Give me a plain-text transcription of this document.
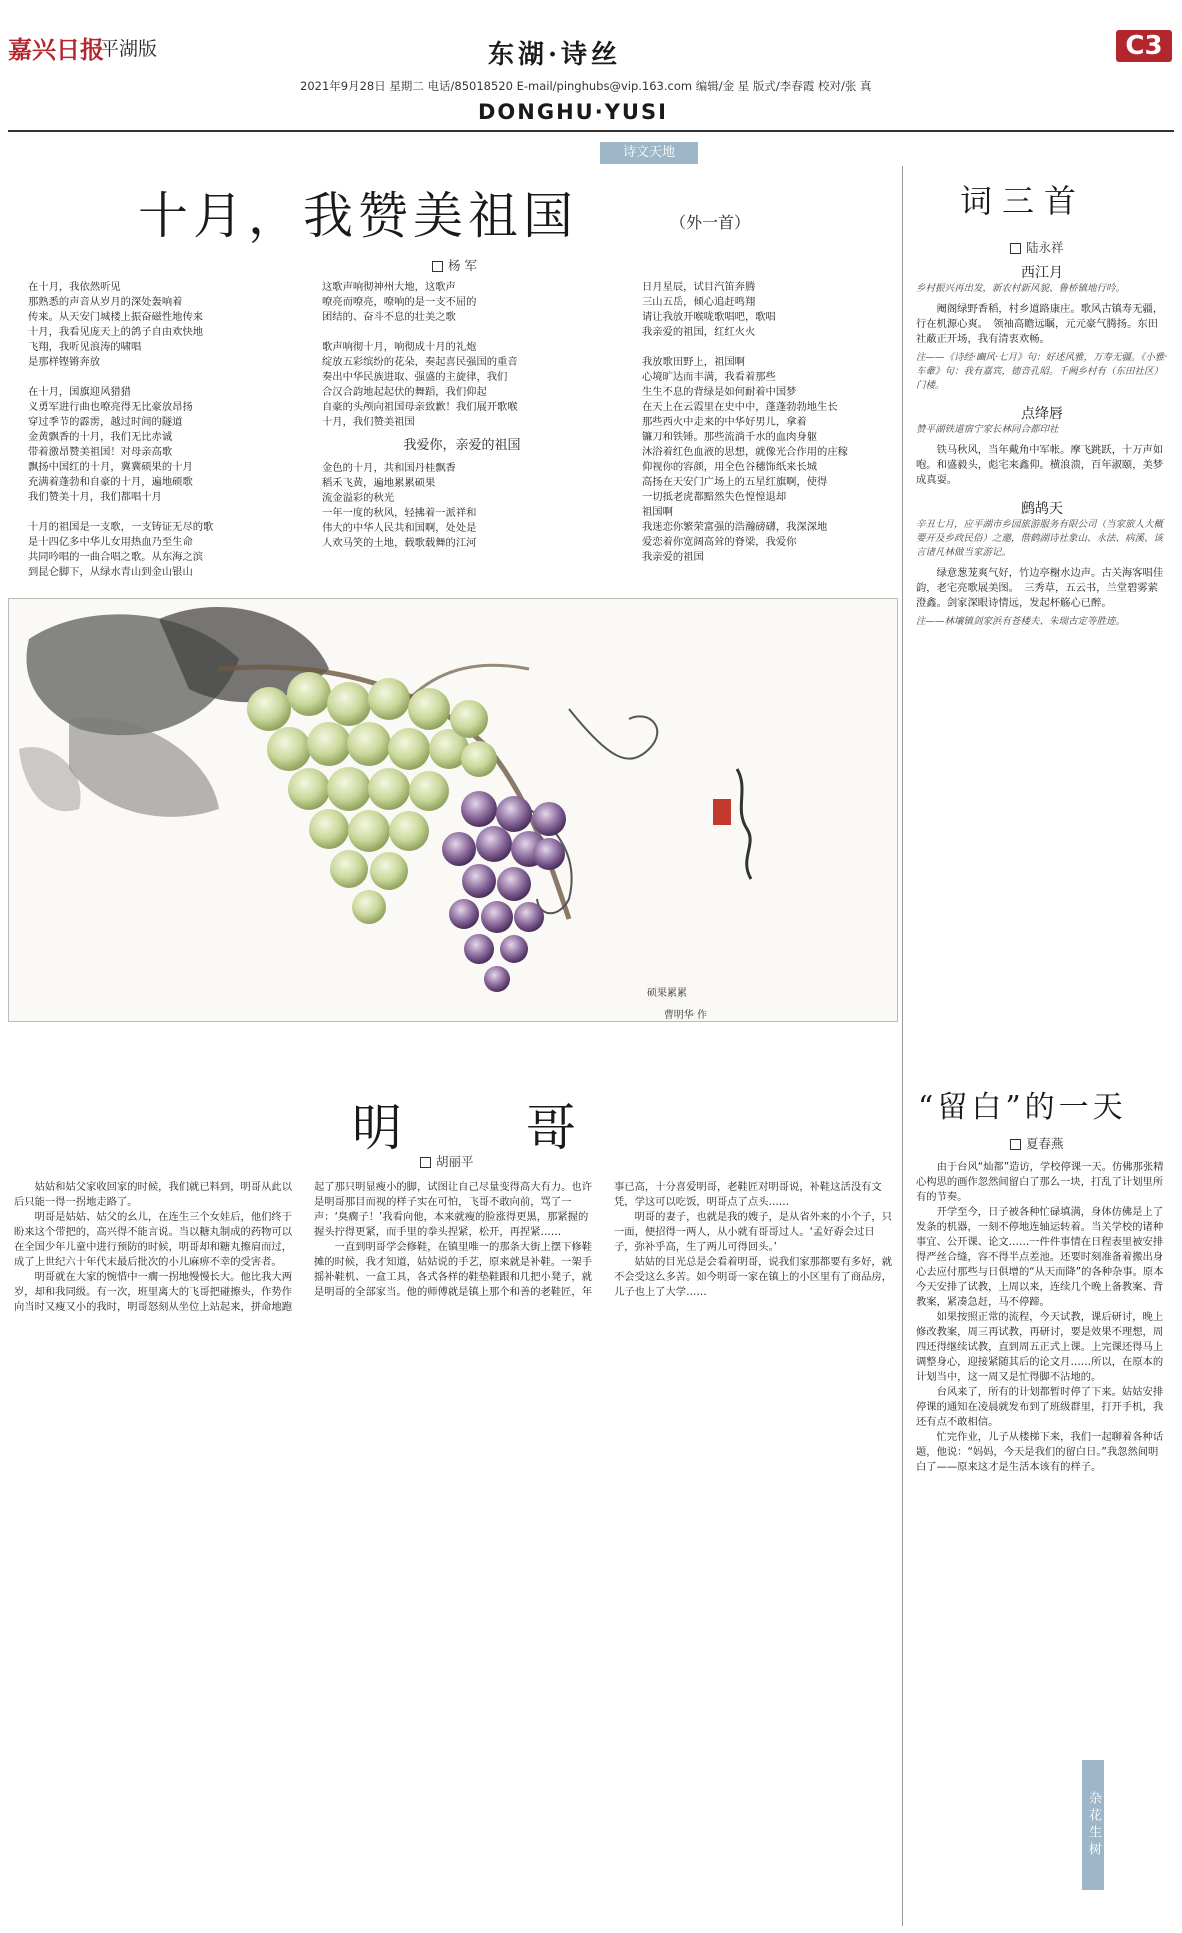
嘉兴日报
平湖版	东湖·诗丝	C3
2021年9月28日 星期二 电话/85018520 E-mail/pinghubs@vip.163.com 编辑/金 星 版式/李春霞 校对/张 真
DONGHU·YUSI
诗文天地
十月，我赞美祖国	（外一首）
杨 军
在十月，我依然听见
那熟悉的声音从岁月的深处轰响着
传来。从天安门城楼上振奋磁性地传来
十月，我看见庞天上的鸽子自由欢快地
飞翔，我听见浪涛的啸唱
是那样铿锵奔放
在十月，国旗迎风猎猎
义勇军进行曲也嘹亮得无比豪放昂扬
穿过季节的霹雳，越过时间的隧道
金黄飘香的十月，我们无比赤诚
带着激昂赞美祖国！对母亲高歌
飘扬中国红的十月，冀冀硕果的十月
充满着蓬勃和自豪的十月，遍地硕歌
我们赞美十月，我们都唱十月
十月的祖国是一支歌，一支铸证无尽的歌
是十四亿多中华儿女用热血乃至生命
共同吟唱的一曲合唱之歌。从东海之滨
到昆仑脚下，从绿水青山到金山银山
这歌声响彻神州大地，这歌声
嘹亮而嘹亮，嘹响的是一支不屈的
团结的、奋斗不息的壮美之歌
歌声响彻十月，响彻成十月的礼炮
绽放五彩缤纷的花朵，奏起喜民强国的重音
奏出中华民族进取、强盛的主旋律，我们
合汉合韵地起起伏的舞蹈，我们仰起
自豪的头颅向祖国母亲致歉！我们展开歌喉
十月，我们赞美祖国
我爱你，亲爱的祖国
金色的十月，共和国丹桂飘香
稻禾飞黄，遍地累累硕果
流金溢彩的秋光
一年一度的秋风，轻拂着一派祥和
伟大的中华人民共和国啊，处处是
人欢马笑的土地，载歌载舞的江河
日月星辰，试目汽笛奔腾
三山五岳，倾心追赶鸣翔
请让我放开喉咙歌唱吧，歌唱
我亲爱的祖国，红红火火
我放歌田野上，祖国啊
心境旷达而丰满，我看着那些
生生不息的背绿是如何耐着中国梦
在天上在云霞里在史中中，蓬蓬勃勃地生长
那些西火中走来的中华好男儿，拿着
镰刀和铁锤。那些流淌千水的血肉身躯
沐浴着红色血液的思想，就像光合作用的庄稼
仰视你的容颜，用全色谷穗饰纸来长城
高扬在天安门广场上的五星红旗啊，使得
一切抵老虎都黯然失色惶惶退却
祖国啊
我迷恋你繁荣富强的浩瀚磅礴，我深深地
爱恋着你宽阔高耸的脊梁，我爱你
我亲爱的祖国
硕果累累
曹明华 作
明 哥
胡丽平

姑姑和姑父家收回家的时候，我们就已料到，明哥从此以后只能一得一拐地走路了。

明哥是姑姑、姑父的幺儿，在连生三个女娃后，他们终于盼来这个带把的，高兴得不能言说。当以糖丸制成的药物可以在全国少年儿童中进行预防的时候，明哥却和糖丸擦肩而过，成了上世纪六十年代末最后批次的小儿麻痹不幸的受害者。

明哥就在大家的惋惜中一瘸一拐地慢慢长大。他比我大两岁，却和我同级。有一次，班里离大的飞哥把碰擦头，作势作向当时又瘦又小的我时，明哥怒刻从坐位上站起来，拼命地跑起了那只明显瘦小的脚，试图让自己尽量变得高大有力。也许是明哥那目而视的样子实在可怕，飞哥不敢向前，骂了一声：‘臭瘸子！’我看向他，本来就瘦的脸涨得更黑，那紧握的握头拧得更紧，而手里的拳头捏紧，松开，再捏紧……

一直到明哥学会修鞋，在镇里唯一的那条大街上摆下修鞋摊的时候，我才知道，姑姑说的手艺，原来就是补鞋。一架手摇补鞋机、一盒工具，各式各样的鞋垫鞋跟和几把小凳子，就是明哥的全部家当。他的师傅就是镇上那个和善的老鞋匠，年事已高，十分喜爱明哥，老鞋匠对明哥说，补鞋这活没有文凭，学这可以吃饭，明哥点了点头……

明哥的妻子，也就是我的嫂子，是从省外来的小个子，只一面，便招得一两人，从小就有哥哥过人。‘孟好孬会过日子，弥补乎高，生了两儿可得回头。’

姑姑的目光总是会看着明哥，说我们家那都要有多好，就不会受这么多苦。如今明哥一家在镇上的小区里有了商品房，儿子也上了大学……

词三首
陆永祥
西江月
乡村振兴再出发，新农村新风貌、鲁桥镇地行吟。

阉阁绿野香稻，村乡道路康庄。歌风古镇寿无疆，行在机源心爽。　领袖高瞻远瞩，元元豪气腾扬。东田社蔽正开场，我有清衷欢畅。

注——《诗经·豳风·七月》句：好述风雅，万寿无疆。《小雅·车舝》句：我有嘉宾，德音孔昭。千阙乡村有（东田社区）门楼。
点绛唇
赞平湖铁道宿宁家长林同合都印社

铁马秋风，当年戴角中军帐。摩飞跳跃，十万声如咆。和盛毅头，彪宅来鑫仰。横浪溃，百年淑颐，美梦成真耍。

鹧鸪天
辛丑七月，应平湖市乡园旅游服务有限公司（当家旅人大概要开及乡政民俗）之邀，偕鹤湖诗社象山、永法、病溪、该言诸凡林做当家游记。

绿意葱茏爽气好，竹边亭榭水边声。古关海客唱佳韵，老宅亮歌展美图。　三秀草，五云书，兰堂碧雾萦澄鑫。剑家深眼诗情远，发起杯觞心已醉。

注——林壤镇剑家浜有苍楼夫、朱瑞古定等胜迹。
“留白”的一天
夏春燕

由于台风“灿都”造访，学校停课一天。仿佛那张精心构思的画作忽然间留白了那么一块，打乱了计划里所有的节奏。

开学至今，日子被各种忙碌填满，身体仿佛是上了发条的机器，一刻不停地连轴运转着。当关学校的诸种事宜、公开课、论文……一件件事情在日程表里被安排得严丝合缝，容不得半点差池。还要时刻准备着搬出身心去应付那些与日俱增的“从天而降”的各种杂事。原本今天安排了试教，上周以来，连续几个晚上备教案、背教案，紧凑急赶，马不停蹄。

如果按照正常的流程，今天试教，课后研讨，晚上修改教案，周三再试教，再研讨，要是效果不理想，周四还得继续试教，直到周五正式上课。上完课还得马上调整身心，迎接紧随其后的论文月……所以，在原本的计划当中，这一周又是忙得脚不沾地的。

台风来了，所有的计划都暂时停了下来。姑姑安排停课的通知在凌晨就发布到了班级群里，打开手机，我还有点不敢相信。

忙完作业，儿子从楼梯下来，我们一起聊着各种话题，他说：“妈妈，今天是我们的留白日。”我忽然间明白了——原来这才是生活本该有的样子。

杂花生树
